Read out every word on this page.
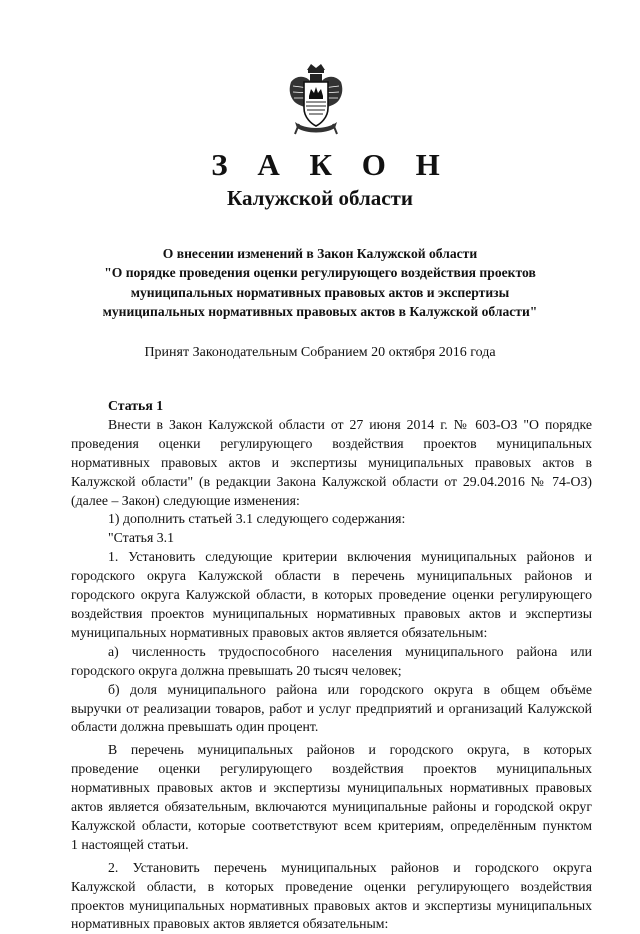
З А К О Н
Калужской области
О внесении изменений в Закон Калужской области
"О порядке проведения оценки регулирующего воздействия проектов
муниципальных нормативных правовых актов и экспертизы
муниципальных нормативных правовых актов в Калужской области"
Принят Законодательным Собранием 20 октября 2016 года
Статья 1
Внести в Закон Калужской области от 27 июня 2014 г. № 603-ОЗ "О порядке
проведения оценки регулирующего воздействия проектов муниципальных
нормативных правовых актов и экспертизы муниципальных правовых актов в
Калужской области" (в редакции Закона Калужской области от 29.04.2016 № 74-ОЗ)
(далее – Закон) следующие изменения:
1) дополнить статьей 3.1 следующего содержания:
"Статья 3.1
1. Установить следующие критерии включения муниципальных районов и
городского округа Калужской области в перечень муниципальных районов и
городского округа Калужской области, в которых проведение оценки регулирующего
воздействия проектов муниципальных нормативных правовых актов и экспертизы
муниципальных нормативных правовых актов является обязательным:
а) численность трудоспособного населения муниципального района или
городского округа должна превышать 20 тысяч человек;
б) доля муниципального района или городского округа в общем объёме
выручки от реализации товаров, работ и услуг предприятий и организаций Калужской
области должна превышать один процент.
В перечень муниципальных районов и городского округа, в которых
проведение оценки регулирующего воздействия проектов муниципальных
нормативных правовых актов и экспертизы муниципальных нормативных правовых
актов является обязательным, включаются муниципальные районы и городской округ
Калужской области, которые соответствуют всем критериям, определённым пунктом
1 настоящей статьи.
2. Установить перечень муниципальных районов и городского округа
Калужской области, в которых проведение оценки регулирующего воздействия
проектов муниципальных нормативных правовых актов и экспертизы муниципальных
нормативных правовых актов является обязательным:
